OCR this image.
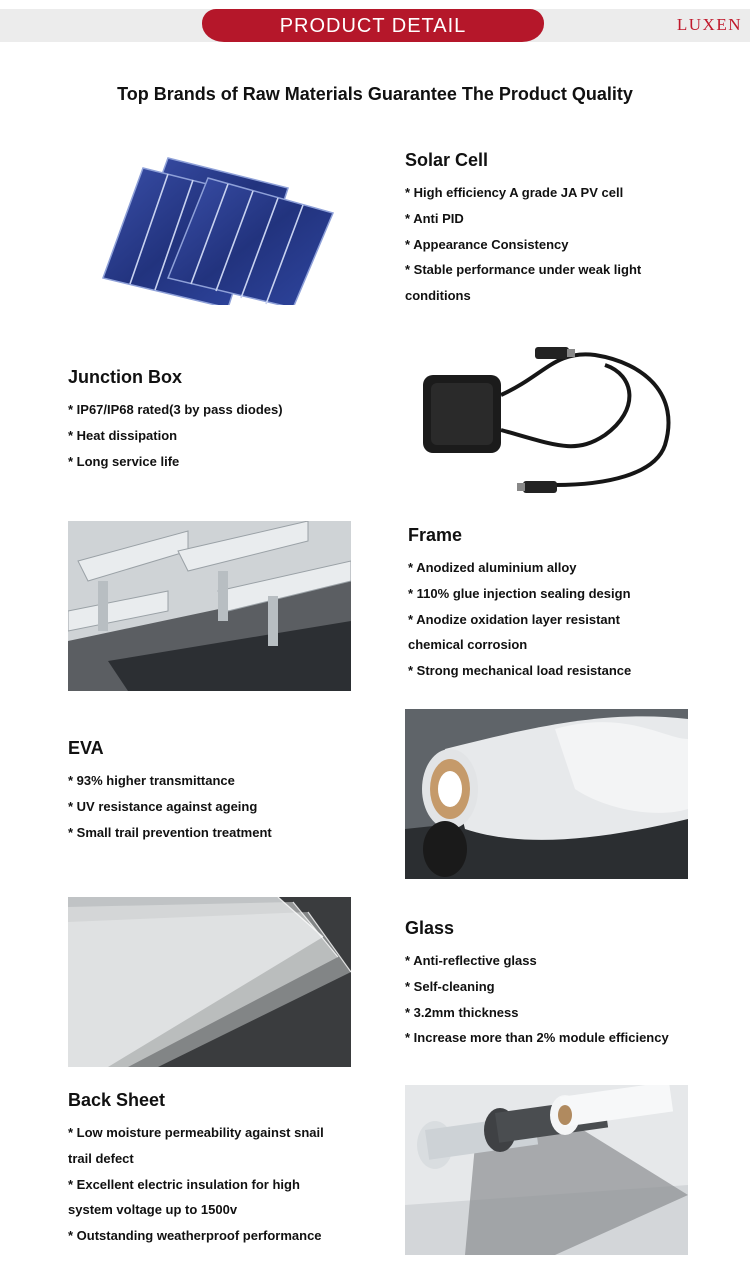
PRODUCT DETAIL	LUXEN
Top Brands of Raw Materials Guarantee The Product Quality
Solar Cell
* High efficiency A grade JA PV cell
* Anti PID
* Appearance Consistency
* Stable performance under weak light
conditions
Junction Box
* IP67/IP68 rated(3 by pass diodes)
* Heat dissipation
* Long service life
Frame
* Anodized aluminium alloy
* 110% glue injection sealing design
* Anodize oxidation layer resistant
chemical corrosion
* Strong mechanical load resistance
EVA
* 93% higher transmittance
* UV resistance against ageing
* Small trail prevention treatment
Glass
* Anti-reflective glass
* Self-cleaning
* 3.2mm thickness
* Increase more than 2% module efficiency
Back Sheet
* Low moisture permeability against snail
trail defect
* Excellent electric insulation for high
system voltage up to 1500v
* Outstanding weatherproof performance
